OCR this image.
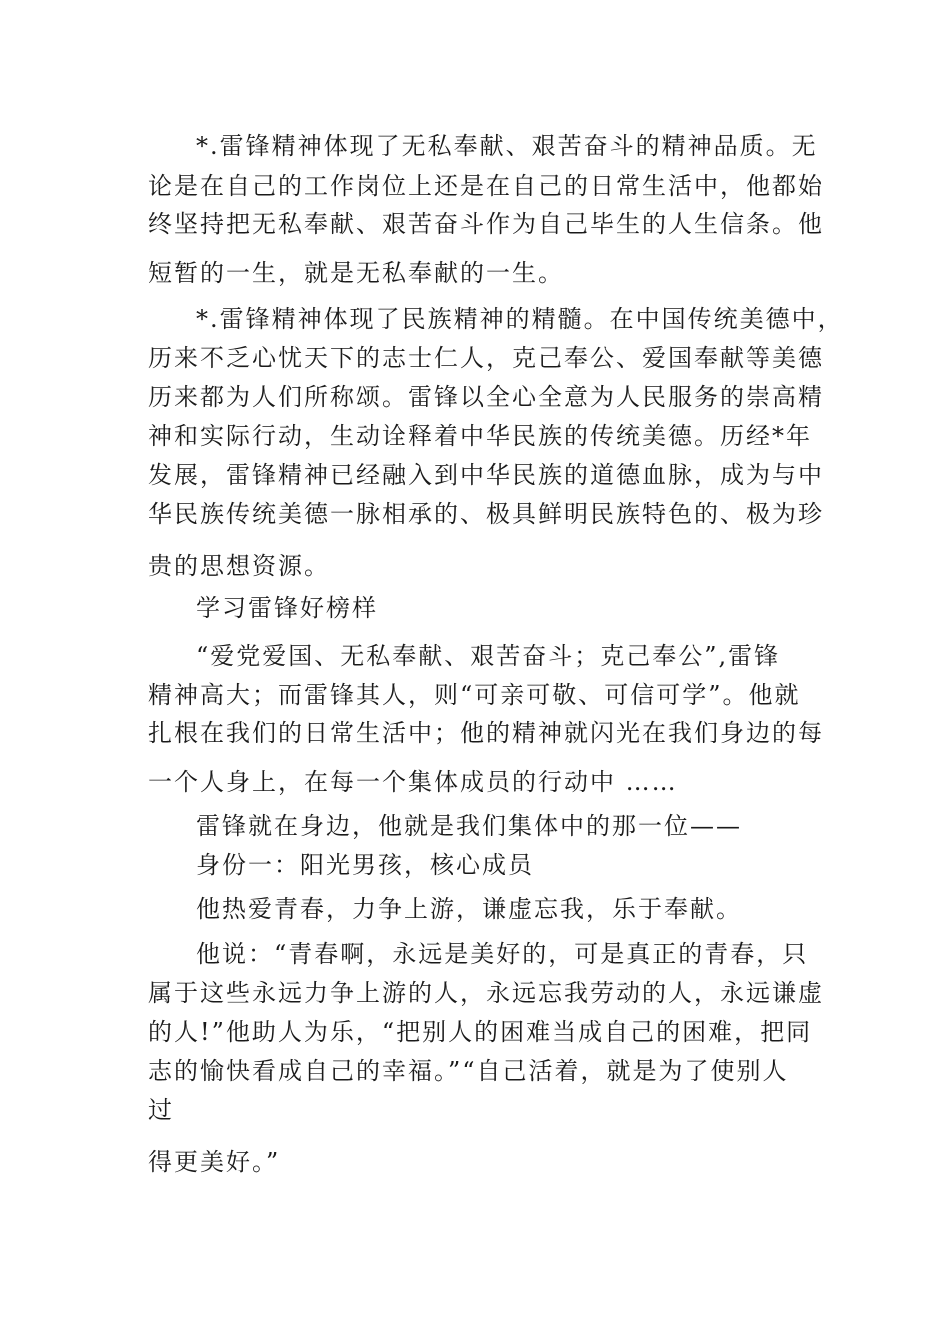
*.雷锋精神体现了无私奉献、艰苦奋斗的精神品质。无
论是在自己的工作岗位上还是在自己的日常生活中，他都始
终坚持把无私奉献、艰苦奋斗作为自己毕生的人生信条。他
短暂的一生，就是无私奉献的一生。
*.雷锋精神体现了民族精神的精髓。在中国传统美德中，
历来不乏心忧天下的志士仁人，克己奉公、爱国奉献等美德
历来都为人们所称颂。雷锋以全心全意为人民服务的崇高精
神和实际行动，生动诠释着中华民族的传统美德。历经*年
发展，雷锋精神已经融入到中华民族的道德血脉，成为与中
华民族传统美德一脉相承的、极具鲜明民族特色的、极为珍
贵的思想资源。
学习雷锋好榜样
“爱党爱国、无私奉献、艰苦奋斗；克己奉公”,雷锋
精神高大；而雷锋其人，则“可亲可敬、可信可学”。他就
扎根在我们的日常生活中；他的精神就闪光在我们身边的每
一个人身上，在每一个集体成员的行动中 ……
雷锋就在身边，他就是我们集体中的那一位——
身份一：阳光男孩，核心成员
他热爱青春，力争上游，谦虚忘我，乐于奉献。
他说：“青春啊，永远是美好的，可是真正的青春，只
属于这些永远力争上游的人，永远忘我劳动的人，永远谦虚
的人!”他助人为乐，“把别人的困难当成自己的困难，把同
志的愉快看成自己的幸福。”“自己活着，就是为了使别人
过
得更美好。”
